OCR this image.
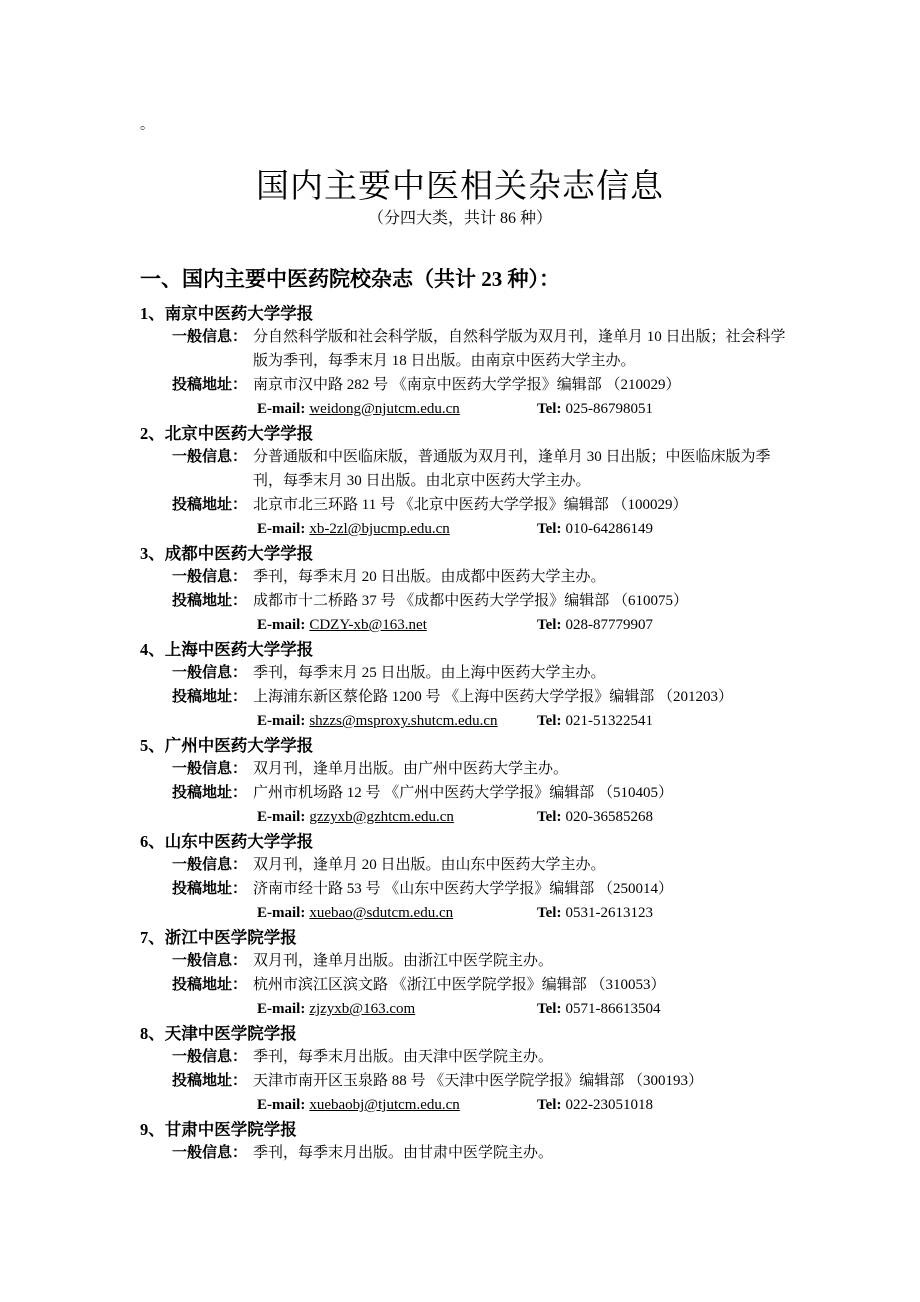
。
国内主要中医相关杂志信息
（分四大类，共计 86 种）
一、国内主要中医药院校杂志（共计 23 种）：
1、南京中医药大学学报
一般信息： 分自然科学版和社会科学版，自然科学版为双月刊，逢单月 10 日出版；社会科学版为季刊，每季末月 18 日出版。由南京中医药大学主办。
投稿地址： 南京市汉中路 282 号 《南京中医药大学学报》编辑部 （210029）
E-mail: weidong@njutcm.edu.cn	Tel: 025-86798051
2、北京中医药大学学报
一般信息： 分普通版和中医临床版，普通版为双月刊，逢单月 30 日出版；中医临床版为季刊，每季末月 30 日出版。由北京中医药大学主办。
投稿地址： 北京市北三环路 11 号 《北京中医药大学学报》编辑部 （100029）
E-mail: xb-2zl@bjucmp.edu.cn	Tel: 010-64286149
3、成都中医药大学学报
一般信息： 季刊，每季末月 20 日出版。由成都中医药大学主办。
投稿地址： 成都市十二桥路 37 号 《成都中医药大学学报》编辑部 （610075）
E-mail: CDZY-xb@163.net	Tel: 028-87779907
4、上海中医药大学学报
一般信息： 季刊，每季末月 25 日出版。由上海中医药大学主办。
投稿地址： 上海浦东新区蔡伦路 1200 号 《上海中医药大学学报》编辑部 （201203）
E-mail: shzzs@msproxy.shutcm.edu.cn	Tel: 021-51322541
5、广州中医药大学学报
一般信息： 双月刊，逢单月出版。由广州中医药大学主办。
投稿地址： 广州市机场路 12 号 《广州中医药大学学报》编辑部 （510405）
E-mail: gzzyxb@gzhtcm.edu.cn	Tel: 020-36585268
6、山东中医药大学学报
一般信息： 双月刊，逢单月 20 日出版。由山东中医药大学主办。
投稿地址： 济南市经十路 53 号 《山东中医药大学学报》编辑部 （250014）
E-mail: xuebao@sdutcm.edu.cn	Tel: 0531-2613123
7、浙江中医学院学报
一般信息： 双月刊，逢单月出版。由浙江中医学院主办。
投稿地址： 杭州市滨江区滨文路 《浙江中医学院学报》编辑部 （310053）
E-mail: zjzyxb@163.com	Tel: 0571-86613504
8、天津中医学院学报
一般信息： 季刊，每季末月出版。由天津中医学院主办。
投稿地址： 天津市南开区玉泉路 88 号 《天津中医学院学报》编辑部 （300193）
E-mail: xuebaobj@tjutcm.edu.cn	Tel: 022-23051018
9、甘肃中医学院学报
一般信息： 季刊，每季末月出版。由甘肃中医学院主办。
